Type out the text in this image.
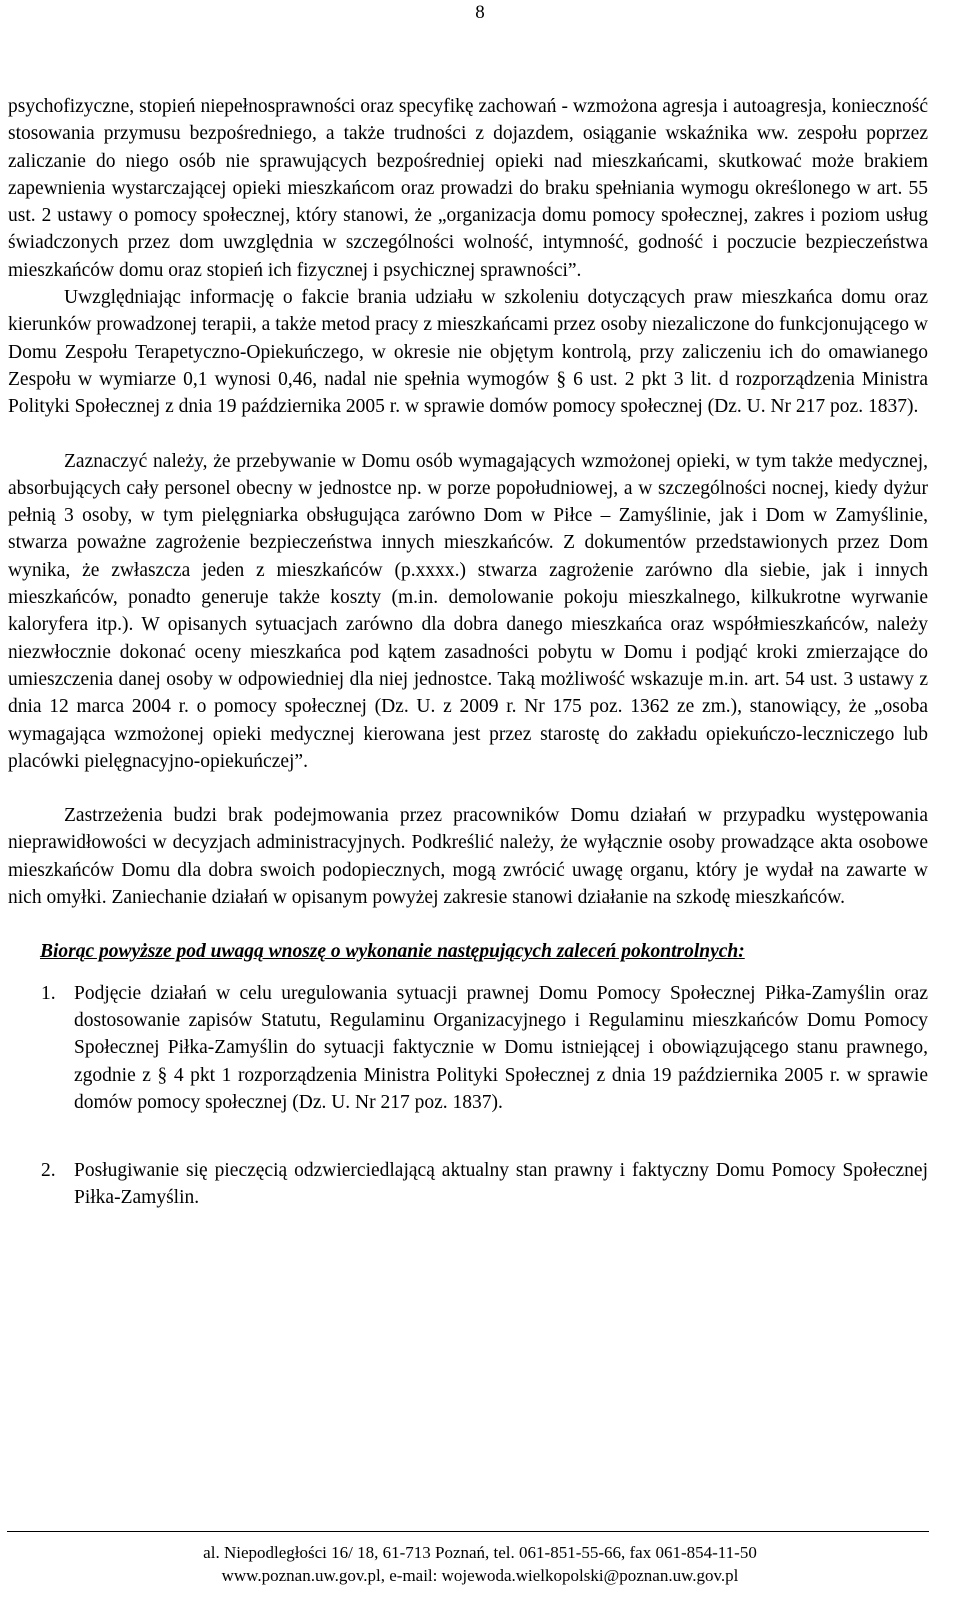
8

psychofizyczne, stopień niepełnosprawności oraz specyfikę zachowań - wzmożona agresja i autoagresja, konieczność stosowania przymusu bezpośredniego, a także trudności z dojazdem, osiąganie wskaźnika ww. zespołu poprzez zaliczanie do niego osób nie sprawujących bezpośredniej opieki nad mieszkańcami, skutkować może brakiem zapewnienia wystarczającej opieki mieszkańcom oraz prowadzi do braku spełniania wymogu określonego w art. 55 ust. 2 ustawy o pomocy społecznej, który stanowi, że „organizacja domu pomocy społecznej, zakres i poziom usług świadczonych przez dom uwzględnia w szczególności wolność, intymność, godność i poczucie bezpieczeństwa mieszkańców domu oraz stopień ich fizycznej i psychicznej sprawności”.

Uwzględniając informację o fakcie brania udziału w szkoleniu dotyczących praw mieszkańca domu oraz kierunków prowadzonej terapii, a także metod pracy z mieszkańcami przez osoby niezaliczone do funkcjonującego w Domu Zespołu Terapetyczno-Opiekuńczego, w okresie nie objętym kontrolą, przy zaliczeniu ich do omawianego Zespołu w wymiarze 0,1 wynosi 0,46, nadal nie spełnia wymogów § 6 ust. 2 pkt 3 lit. d rozporządzenia Ministra Polityki Społecznej z dnia 19 października 2005 r. w sprawie domów pomocy społecznej (Dz. U. Nr 217 poz. 1837).

Zaznaczyć należy, że przebywanie w Domu osób wymagających wzmożonej opieki, w tym także medycznej, absorbujących cały personel obecny w jednostce np. w porze popołudniowej, a w szczególności nocnej, kiedy dyżur pełnią 3 osoby, w tym pielęgniarka obsługująca zarówno Dom w Piłce – Zamyślinie, jak i Dom w Zamyślinie, stwarza poważne zagrożenie bezpieczeństwa innych mieszkańców. Z dokumentów przedstawionych przez Dom wynika, że zwłaszcza jeden z mieszkańców (p.xxxx.) stwarza zagrożenie zarówno dla siebie, jak i innych mieszkańców, ponadto generuje także koszty (m.in. demolowanie pokoju mieszkalnego, kilkukrotne wyrwanie kaloryfera itp.). W opisanych sytuacjach zarówno dla dobra danego mieszkańca oraz współmieszkańców, należy niezwłocznie dokonać oceny mieszkańca pod kątem zasadności pobytu w Domu i podjąć kroki zmierzające do umieszczenia danej osoby w odpowiedniej dla niej jednostce. Taką możliwość wskazuje m.in. art. 54 ust. 3 ustawy z dnia 12 marca 2004 r. o pomocy społecznej (Dz. U. z 2009 r. Nr 175 poz. 1362 ze zm.), stanowiący, że „osoba wymagająca wzmożonej opieki medycznej kierowana jest przez starostę do zakładu opiekuńczo-leczniczego lub placówki pielęgnacyjno-opiekuńczej”.

Zastrzeżenia budzi brak podejmowania przez pracowników Domu działań w przypadku występowania nieprawidłowości w decyzjach administracyjnych. Podkreślić należy, że wyłącznie osoby prowadzące akta osobowe mieszkańców Domu dla dobra swoich podopiecznych, mogą zwrócić uwagę organu, który je wydał na zawarte w nich omyłki. Zaniechanie działań w opisanym powyżej zakresie stanowi działanie na szkodę mieszkańców.

Biorąc powyższe pod uwagą wnoszę o wykonanie następujących zaleceń pokontrolnych:

1. Podjęcie działań w celu uregulowania sytuacji prawnej Domu Pomocy Społecznej Piłka-Zamyślin oraz dostosowanie zapisów Statutu, Regulaminu Organizacyjnego i Regulaminu mieszkańców Domu Pomocy Społecznej Piłka-Zamyślin do sytuacji faktycznie w Domu istniejącej i obowiązującego stanu prawnego, zgodnie z § 4 pkt 1 rozporządzenia Ministra Polityki Społecznej z dnia 19 października 2005 r. w sprawie domów pomocy społecznej (Dz. U. Nr 217 poz. 1837).
2. Posługiwanie się pieczęcią odzwierciedlającą aktualny stan prawny i faktyczny Domu Pomocy Społecznej Piłka-Zamyślin.
al. Niepodległości 16/ 18, 61-713 Poznań, tel. 061-851-55-66, fax 061-854-11-50
www.poznan.uw.gov.pl, e-mail: wojewoda.wielkopolski@poznan.uw.gov.pl
